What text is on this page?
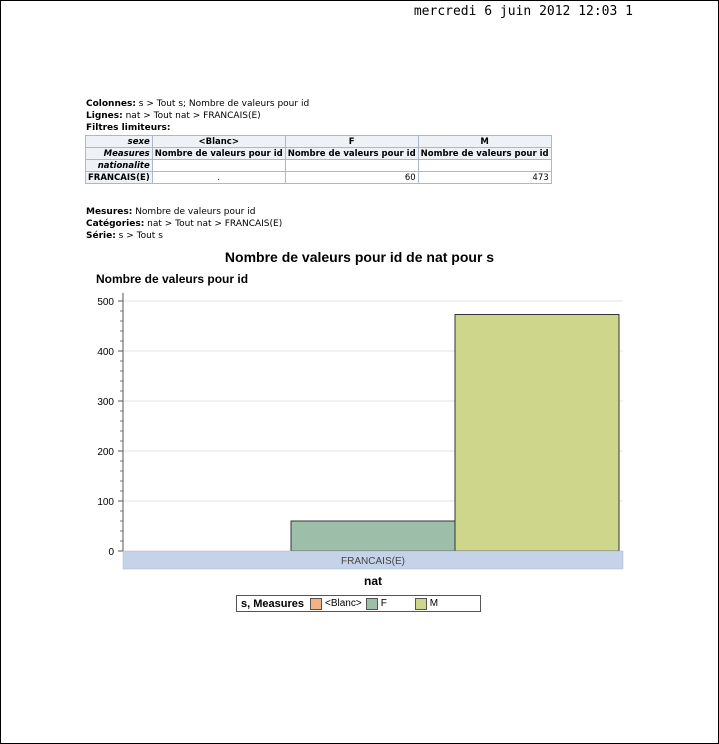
mercredi 6 juin 2012 12:03 1
Colonnes: s > Tout s; Nombre de valeurs pour id
Lignes: nat > Tout nat > FRANCAIS(E)
Filtres limiteurs:
sexe	<Blanc>	F	M
Measures	Nombre de valeurs pour id	Nombre de valeurs pour id	Nombre de valeurs pour id
nationalite			
FRANCAIS(E)	.	60	473
Mesures: Nombre de valeurs pour id
Catégories: nat > Tout nat > FRANCAIS(E)
Série: s > Tout s
Nombre de valeurs pour id de nat pour s
Nombre de valeurs pour id
0
100
200
300
400
500
FRANCAIS(E)
nat
s, Measures <Blanc> F	M
